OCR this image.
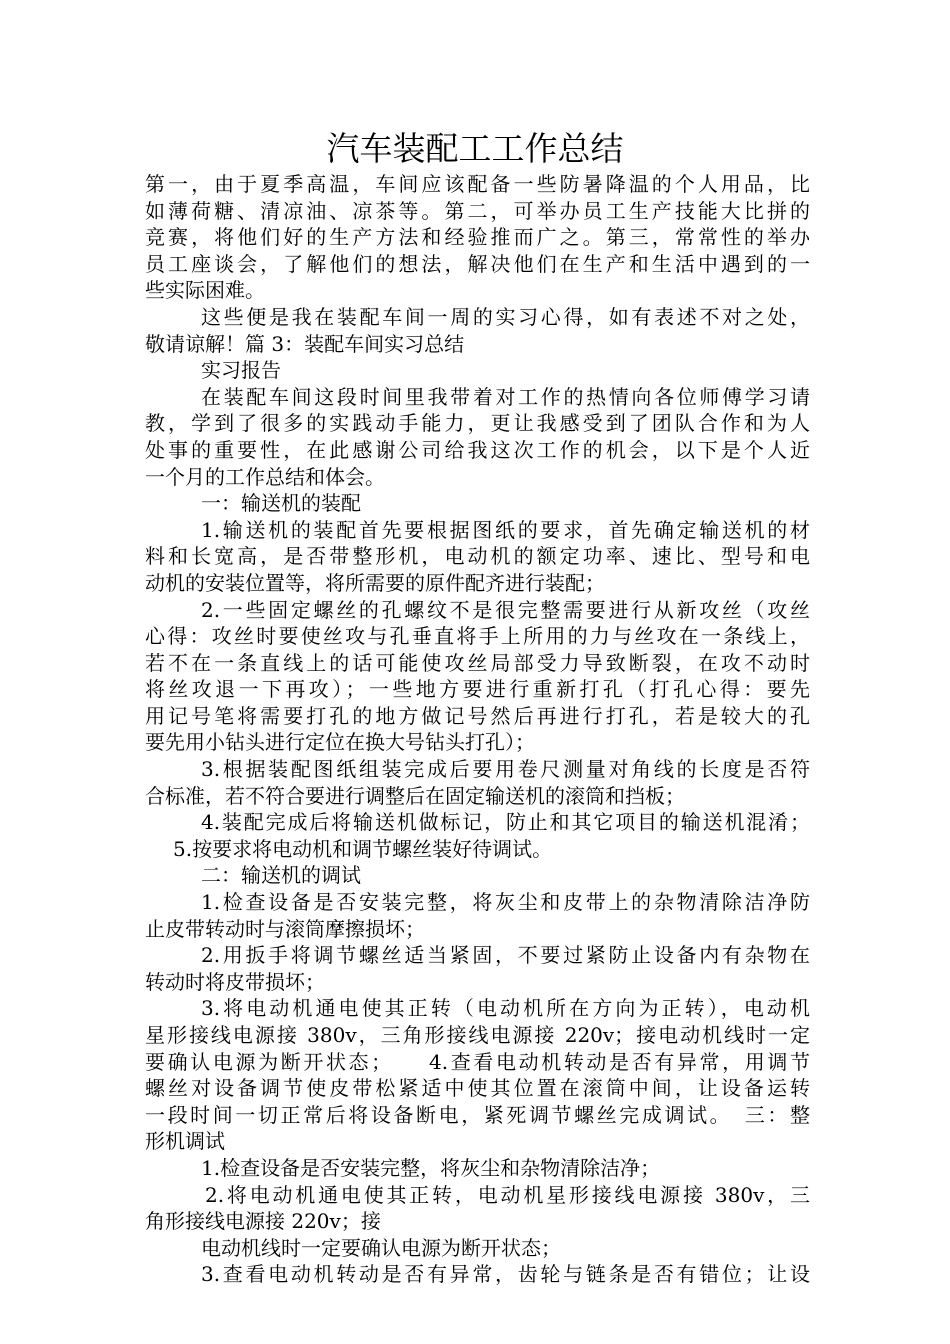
汽车装配工工作总结
第一，由于夏季高温，车间应该配备一些防暑降温的个人用品，比
如薄荷糖、清凉油、凉茶等。第二，可举办员工生产技能大比拼的
竞赛，将他们好的生产方法和经验推而广之。第三，常常性的举办
员工座谈会，了解他们的想法，解决他们在生产和生活中遇到的一
些实际困难。
这些便是我在装配车间一周的实习心得，如有表述不对之处，
敬请谅解！篇 3：装配车间实习总结
实习报告
在装配车间这段时间里我带着对工作的热情向各位师傅学习请
教，学到了很多的实践动手能力，更让我感受到了团队合作和为人
处事的重要性，在此感谢公司给我这次工作的机会，以下是个人近
一个月的工作总结和体会。
一：输送机的装配
1.输送机的装配首先要根据图纸的要求，首先确定输送机的材
料和长宽高，是否带整形机，电动机的额定功率、速比、型号和电
动机的安装位置等，将所需要的原件配齐进行装配；
2.一些固定螺丝的孔螺纹不是很完整需要进行从新攻丝（攻丝
心得：攻丝时要使丝攻与孔垂直将手上所用的力与丝攻在一条线上，
若不在一条直线上的话可能使攻丝局部受力导致断裂，在攻不动时
将丝攻退一下再攻）；一些地方要进行重新打孔（打孔心得：要先
用记号笔将需要打孔的地方做记号然后再进行打孔，若是较大的孔
要先用小钻头进行定位在换大号钻头打孔）；
3.根据装配图纸组装完成后要用卷尺测量对角线的长度是否符
合标准，若不符合要进行调整后在固定输送机的滚筒和挡板；
4.装配完成后将输送机做标记，防止和其它项目的输送机混淆；
5.按要求将电动机和调节螺丝装好待调试。
二：输送机的调试
1.检查设备是否安装完整，将灰尘和皮带上的杂物清除洁净防
止皮带转动时与滚筒摩擦损坏；
2.用扳手将调节螺丝适当紧固，不要过紧防止设备内有杂物在
转动时将皮带损坏；
3.将电动机通电使其正转（电动机所在方向为正转），电动机
星形接线电源接 380v，三角形接线电源接 220v；接电动机线时一定
要确认电源为断开状态；　　4.查看电动机转动是否有异常，用调节
螺丝对设备调节使皮带松紧适中使其位置在滚筒中间，让设备运转
一段时间一切正常后将设备断电，紧死调节螺丝完成调试。　三：整
形机调试
1.检查设备是否安装完整，将灰尘和杂物清除洁净；
2.将电动机通电使其正转，电动机星形接线电源接 380v，三
角形接线电源接 220v；接
电动机线时一定要确认电源为断开状态；
3.查看电动机转动是否有异常，齿轮与链条是否有错位；让设
